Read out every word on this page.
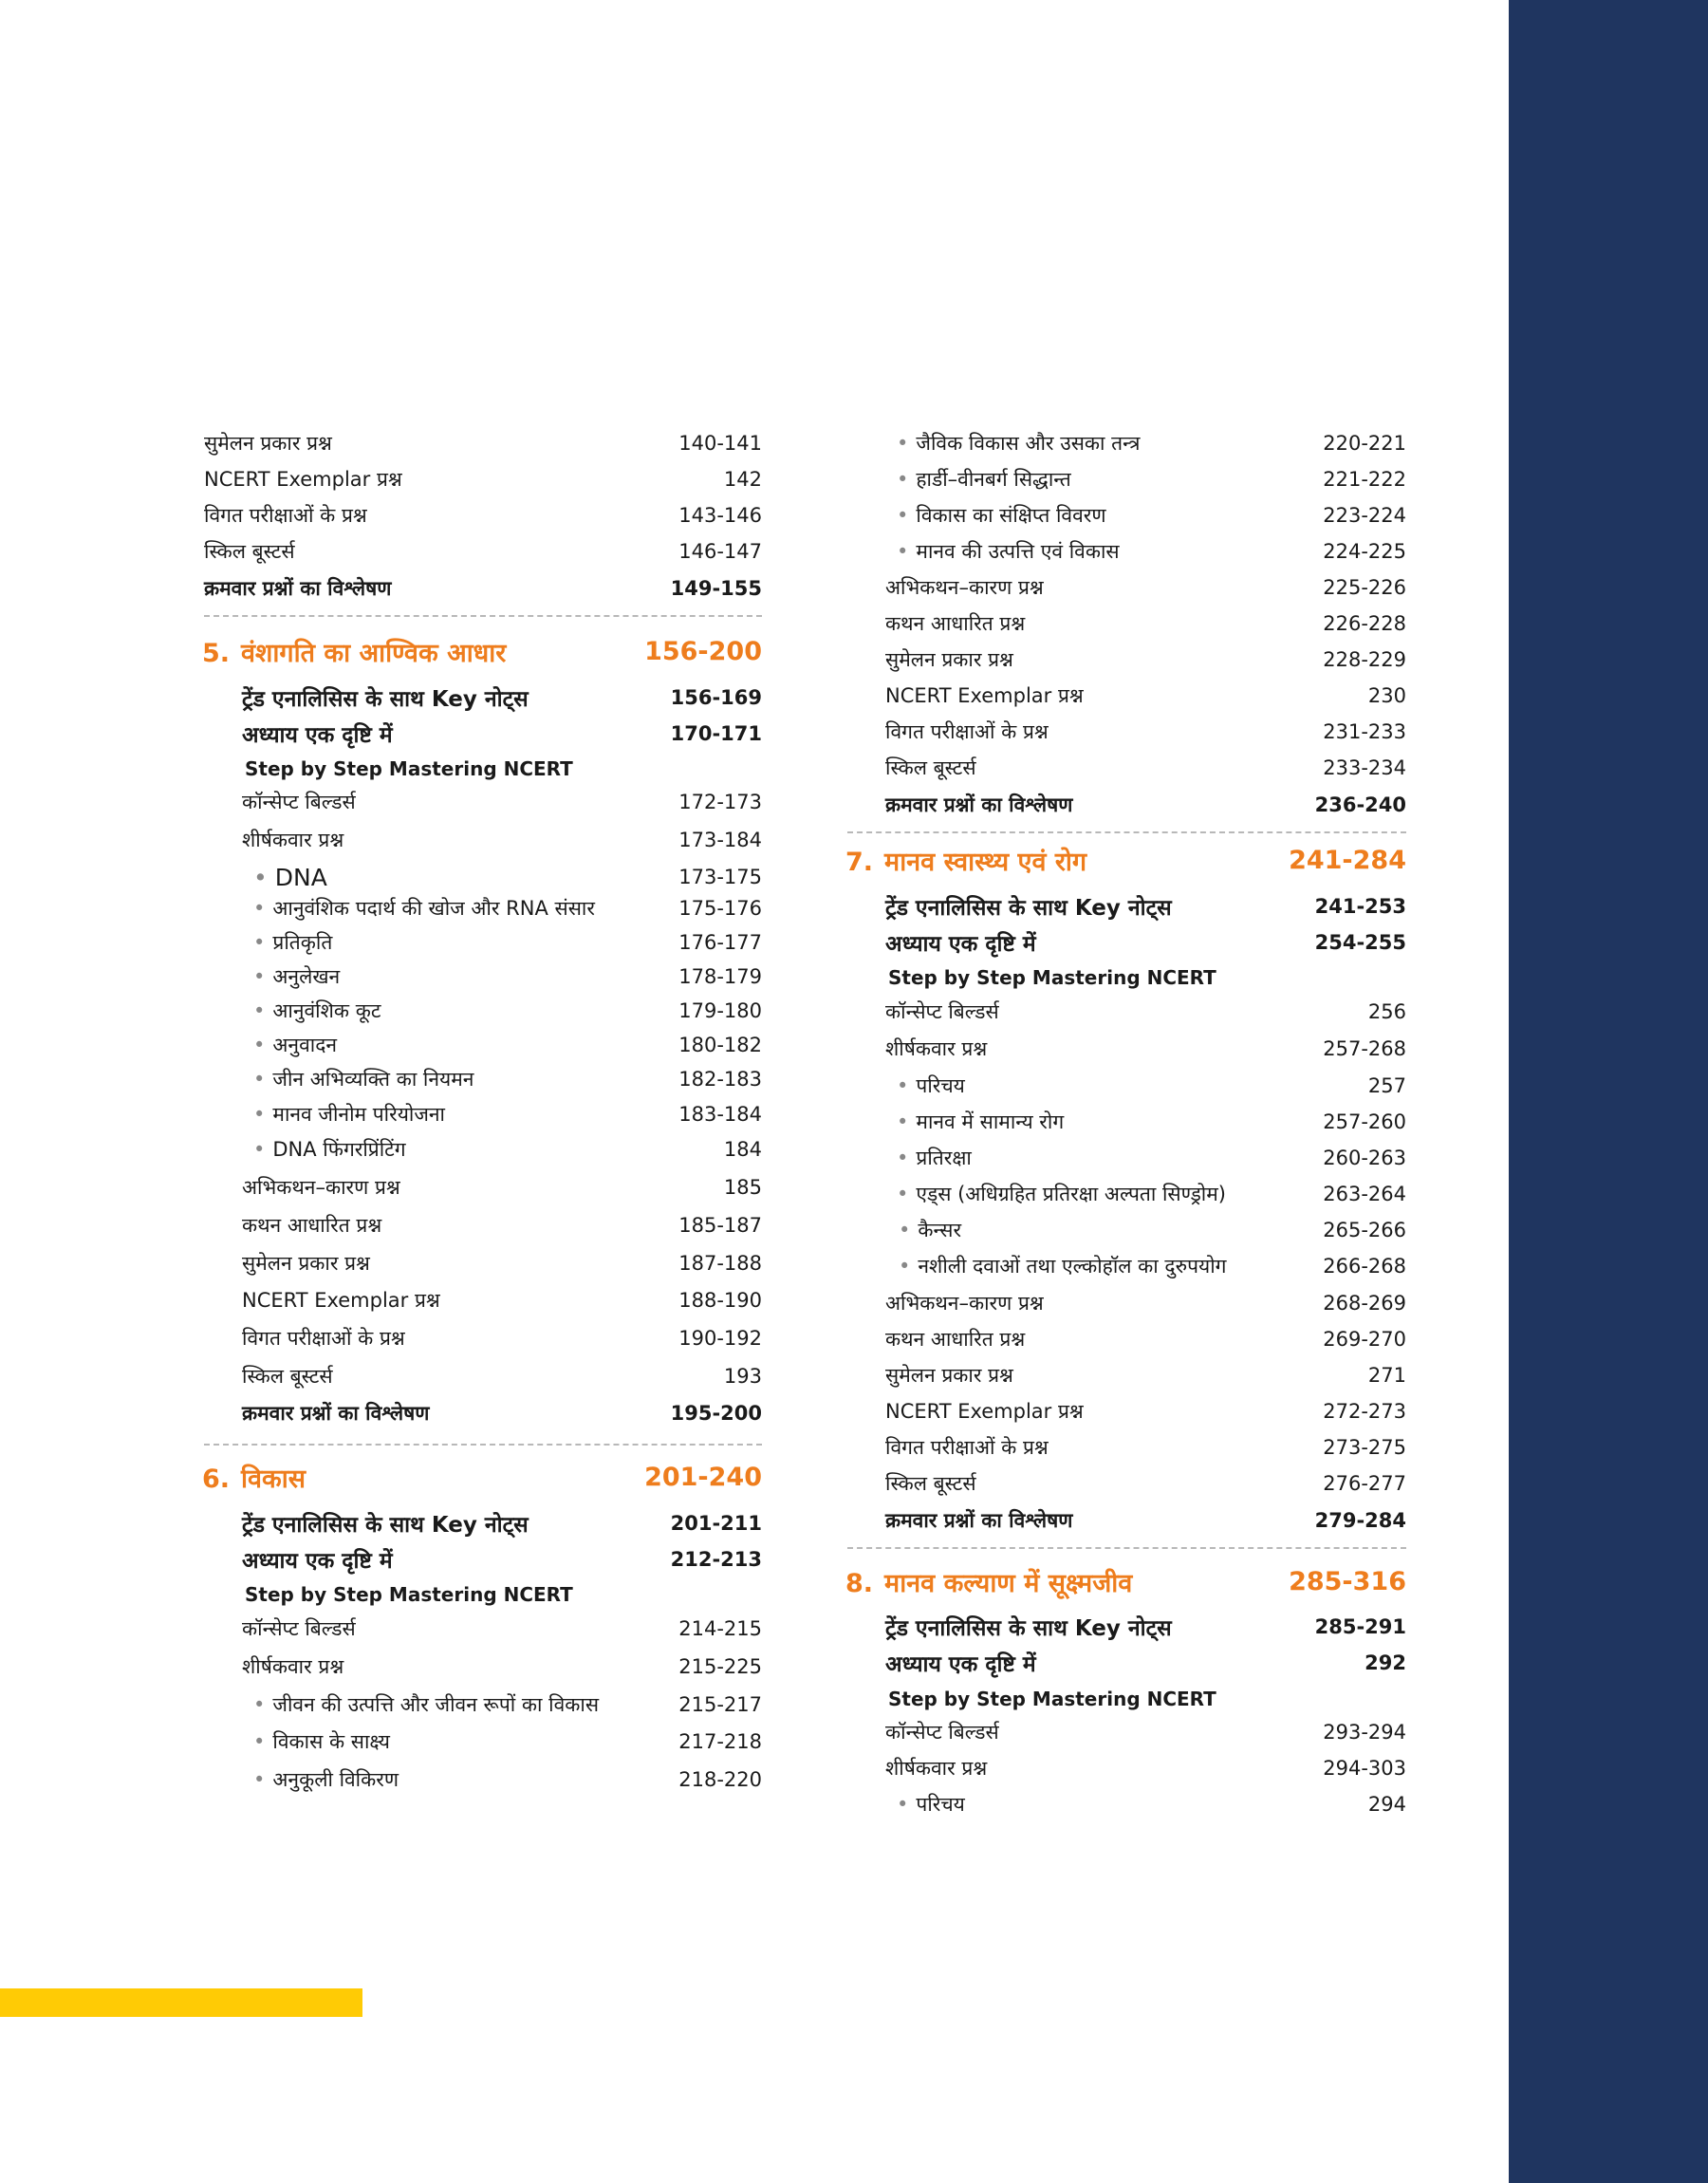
सुमेलन प्रकार प्रश्न	140-141
NCERT Exemplar प्रश्न	142
विगत परीक्षाओं के प्रश्न	143-146
स्किल बूस्टर्स	146-147
क्रमवार प्रश्नों का विश्लेषण	149-155
5. वंशागति का आण्विक आधार	156-200
ट्रेंड एनालिसिस के साथ Key नोट्स	156-169
अध्याय एक दृष्टि में	170-171
Step by Step Mastering NCERT
कॉन्सेप्ट बिल्डर्स	172-173
शीर्षकवार प्रश्न	173-184
• DNA	173-175
• आनुवंशिक पदार्थ की खोज और RNA संसार	175-176
• प्रतिकृति	176-177
• अनुलेखन	178-179
• आनुवंशिक कूट	179-180
• अनुवादन	180-182
• जीन अभिव्यक्ति का नियमन	182-183
• मानव जीनोम परियोजना	183-184
• DNA फिंगरप्रिंटिंग	184
अभिकथन–कारण प्रश्न	185
कथन आधारित प्रश्न	185-187
सुमेलन प्रकार प्रश्न	187-188
NCERT Exemplar प्रश्न	188-190
विगत परीक्षाओं के प्रश्न	190-192
स्किल बूस्टर्स	193
क्रमवार प्रश्नों का विश्लेषण	195-200
6. विकास	201-240
ट्रेंड एनालिसिस के साथ Key नोट्स	201-211
अध्याय एक दृष्टि में	212-213
Step by Step Mastering NCERT
कॉन्सेप्ट बिल्डर्स	214-215
शीर्षकवार प्रश्न	215-225
• जीवन की उत्पत्ति और जीवन रूपों का विकास	215-217
• विकास के साक्ष्य	217-218
• अनुकूली विकिरण	218-220
• जैविक विकास और उसका तन्त्र	220-221
• हार्डी–वीनबर्ग सिद्धान्त	221-222
• विकास का संक्षिप्त विवरण	223-224
• मानव की उत्पत्ति एवं विकास	224-225
अभिकथन–कारण प्रश्न	225-226
कथन आधारित प्रश्न	226-228
सुमेलन प्रकार प्रश्न	228-229
NCERT Exemplar प्रश्न	230
विगत परीक्षाओं के प्रश्न	231-233
स्किल बूस्टर्स	233-234
क्रमवार प्रश्नों का विश्लेषण	236-240
7. मानव स्वास्थ्य एवं रोग	241-284
ट्रेंड एनालिसिस के साथ Key नोट्स	241-253
अध्याय एक दृष्टि में	254-255
Step by Step Mastering NCERT
कॉन्सेप्ट बिल्डर्स	256
शीर्षकवार प्रश्न	257-268
• परिचय	257
• मानव में सामान्य रोग	257-260
• प्रतिरक्षा	260-263
• एड्स (अधिग्रहित प्रतिरक्षा अल्पता सिण्ड्रोम)	263-264
• कैन्सर	265-266
• नशीली दवाओं तथा एल्कोहॉल का दुरुपयोग	266-268
अभिकथन–कारण प्रश्न	268-269
कथन आधारित प्रश्न	269-270
सुमेलन प्रकार प्रश्न	271
NCERT Exemplar प्रश्न	272-273
विगत परीक्षाओं के प्रश्न	273-275
स्किल बूस्टर्स	276-277
क्रमवार प्रश्नों का विश्लेषण	279-284
8. मानव कल्याण में सूक्ष्मजीव	285-316
ट्रेंड एनालिसिस के साथ Key नोट्स	285-291
अध्याय एक दृष्टि में	292
Step by Step Mastering NCERT
कॉन्सेप्ट बिल्डर्स	293-294
शीर्षकवार प्रश्न	294-303
• परिचय	294
